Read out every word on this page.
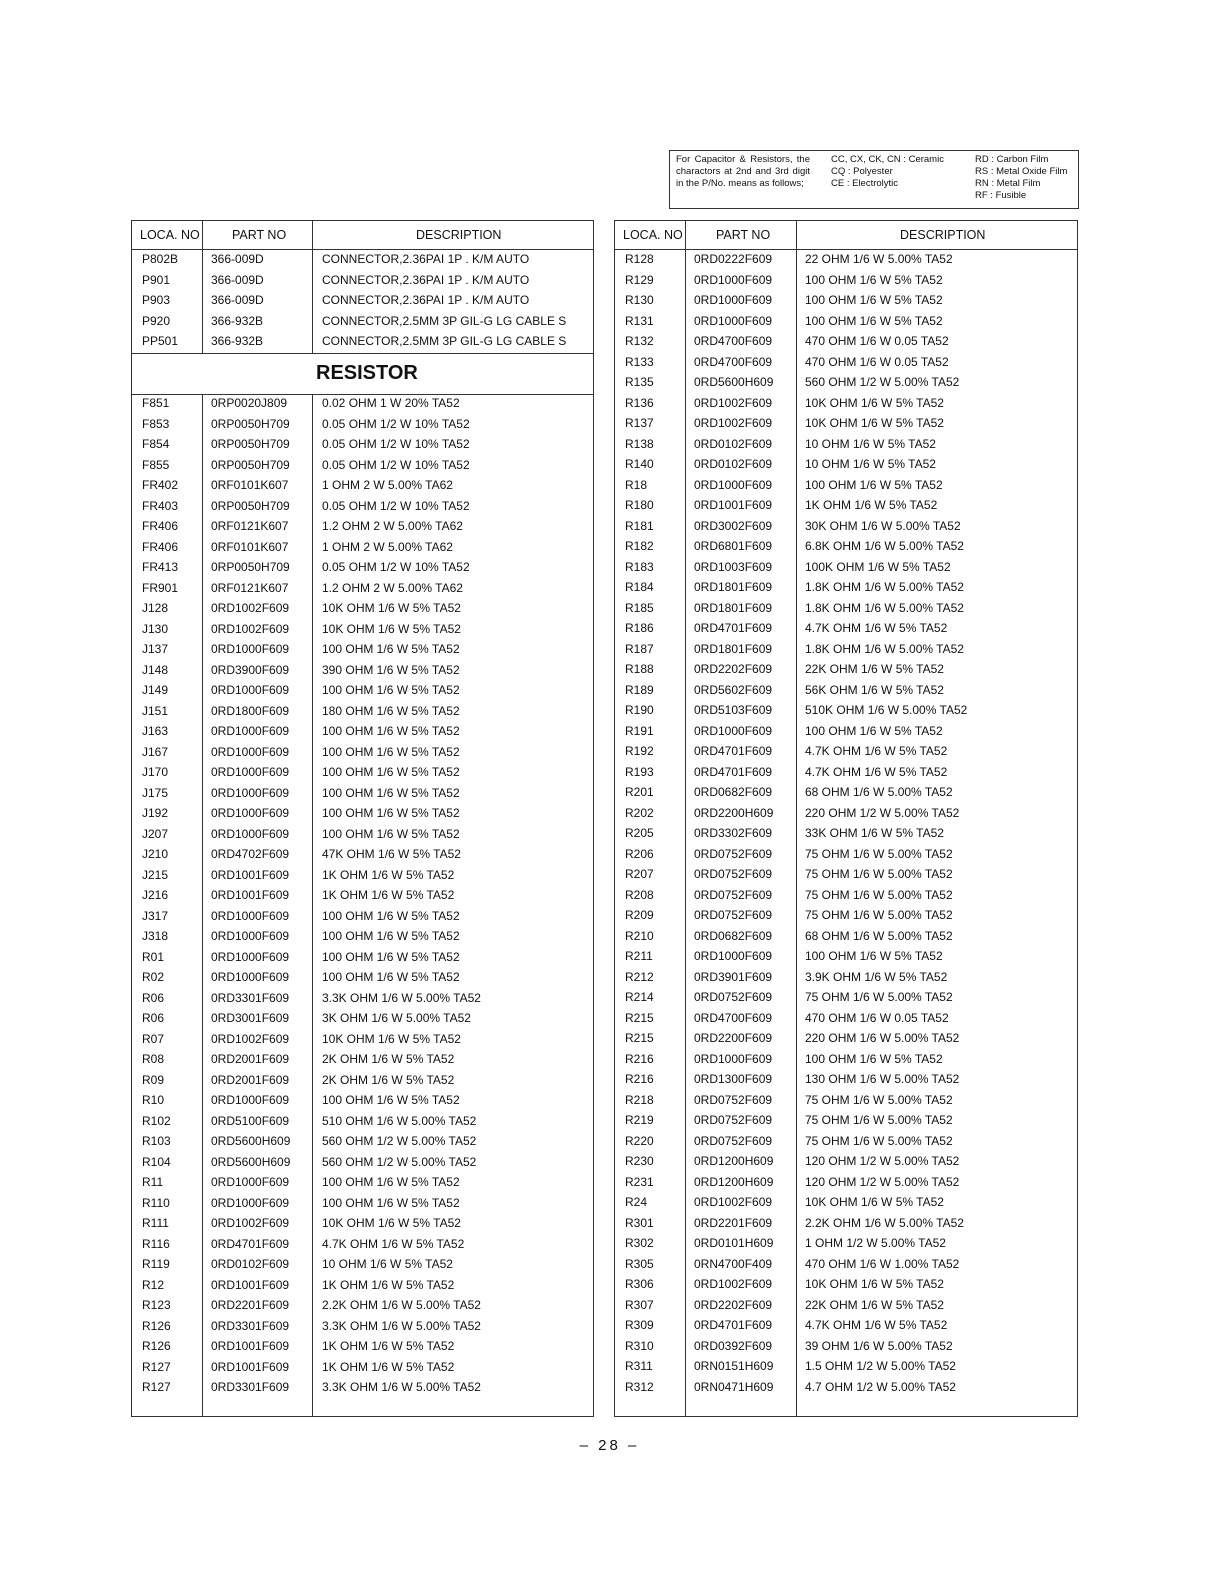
For Capacitor & Resistors, the charactors at 2nd and 3rd digit in the P/No. means as follows;
CC, CX, CK, CN : Ceramic
CQ : Polyester
CE : Electrolytic
RD : Carbon Film
RS : Metal Oxide Film
RN : Metal Film
RF : Fusible
LOCA. NO	PART NO	DESCRIPTION
P802B	366-009D	CONNECTOR,2.36PAI 1P . K/M AUTO
P901	366-009D	CONNECTOR,2.36PAI 1P . K/M AUTO
P903	366-009D	CONNECTOR,2.36PAI 1P . K/M AUTO
P920	366-932B	CONNECTOR,2.5MM 3P GIL-G LG CABLE S
PP501	366-932B	CONNECTOR,2.5MM 3P GIL-G LG CABLE S
RESISTOR
F851	0RP0020J809	0.02 OHM 1 W 20% TA52
F853	0RP0050H709	0.05 OHM 1/2 W 10% TA52
F854	0RP0050H709	0.05 OHM 1/2 W 10% TA52
F855	0RP0050H709	0.05 OHM 1/2 W 10% TA52
FR402	0RF0101K607	1 OHM 2 W 5.00% TA62
FR403	0RP0050H709	0.05 OHM 1/2 W 10% TA52
FR406	0RF0121K607	1.2 OHM 2 W 5.00% TA62
FR406	0RF0101K607	1 OHM 2 W 5.00% TA62
FR413	0RP0050H709	0.05 OHM 1/2 W 10% TA52
FR901	0RF0121K607	1.2 OHM 2 W 5.00% TA62
J128	0RD1002F609	10K OHM 1/6 W 5% TA52
J130	0RD1002F609	10K OHM 1/6 W 5% TA52
J137	0RD1000F609	100 OHM 1/6 W 5% TA52
J148	0RD3900F609	390 OHM 1/6 W 5% TA52
J149	0RD1000F609	100 OHM 1/6 W 5% TA52
J151	0RD1800F609	180 OHM 1/6 W 5% TA52
J163	0RD1000F609	100 OHM 1/6 W 5% TA52
J167	0RD1000F609	100 OHM 1/6 W 5% TA52
J170	0RD1000F609	100 OHM 1/6 W 5% TA52
J175	0RD1000F609	100 OHM 1/6 W 5% TA52
J192	0RD1000F609	100 OHM 1/6 W 5% TA52
J207	0RD1000F609	100 OHM 1/6 W 5% TA52
J210	0RD4702F609	47K OHM 1/6 W 5% TA52
J215	0RD1001F609	1K OHM 1/6 W 5% TA52
J216	0RD1001F609	1K OHM 1/6 W 5% TA52
J317	0RD1000F609	100 OHM 1/6 W 5% TA52
J318	0RD1000F609	100 OHM 1/6 W 5% TA52
R01	0RD1000F609	100 OHM 1/6 W 5% TA52
R02	0RD1000F609	100 OHM 1/6 W 5% TA52
R06	0RD3301F609	3.3K OHM 1/6 W 5.00% TA52
R06	0RD3001F609	3K OHM 1/6 W 5.00% TA52
R07	0RD1002F609	10K OHM 1/6 W 5% TA52
R08	0RD2001F609	2K OHM 1/6 W 5% TA52
R09	0RD2001F609	2K OHM 1/6 W 5% TA52
R10	0RD1000F609	100 OHM 1/6 W 5% TA52
R102	0RD5100F609	510 OHM 1/6 W 5.00% TA52
R103	0RD5600H609	560 OHM 1/2 W 5.00% TA52
R104	0RD5600H609	560 OHM 1/2 W 5.00% TA52
R11	0RD1000F609	100 OHM 1/6 W 5% TA52
R110	0RD1000F609	100 OHM 1/6 W 5% TA52
R111	0RD1002F609	10K OHM 1/6 W 5% TA52
R116	0RD4701F609	4.7K OHM 1/6 W 5% TA52
R119	0RD0102F609	10 OHM 1/6 W 5% TA52
R12	0RD1001F609	1K OHM 1/6 W 5% TA52
R123	0RD2201F609	2.2K OHM 1/6 W 5.00% TA52
R126	0RD3301F609	3.3K OHM 1/6 W 5.00% TA52
R126	0RD1001F609	1K OHM 1/6 W 5% TA52
R127	0RD1001F609	1K OHM 1/6 W 5% TA52
R127	0RD3301F609	3.3K OHM 1/6 W 5.00% TA52
LOCA. NO	PART NO	DESCRIPTION
R128	0RD0222F609	22 OHM 1/6 W 5.00% TA52
R129	0RD1000F609	100 OHM 1/6 W 5% TA52
R130	0RD1000F609	100 OHM 1/6 W 5% TA52
R131	0RD1000F609	100 OHM 1/6 W 5% TA52
R132	0RD4700F609	470 OHM 1/6 W 0.05 TA52
R133	0RD4700F609	470 OHM 1/6 W 0.05 TA52
R135	0RD5600H609	560 OHM 1/2 W 5.00% TA52
R136	0RD1002F609	10K OHM 1/6 W 5% TA52
R137	0RD1002F609	10K OHM 1/6 W 5% TA52
R138	0RD0102F609	10 OHM 1/6 W 5% TA52
R140	0RD0102F609	10 OHM 1/6 W 5% TA52
R18	0RD1000F609	100 OHM 1/6 W 5% TA52
R180	0RD1001F609	1K OHM 1/6 W 5% TA52
R181	0RD3002F609	30K OHM 1/6 W 5.00% TA52
R182	0RD6801F609	6.8K OHM 1/6 W 5.00% TA52
R183	0RD1003F609	100K OHM 1/6 W 5% TA52
R184	0RD1801F609	1.8K OHM 1/6 W 5.00% TA52
R185	0RD1801F609	1.8K OHM 1/6 W 5.00% TA52
R186	0RD4701F609	4.7K OHM 1/6 W 5% TA52
R187	0RD1801F609	1.8K OHM 1/6 W 5.00% TA52
R188	0RD2202F609	22K OHM 1/6 W 5% TA52
R189	0RD5602F609	56K OHM 1/6 W 5% TA52
R190	0RD5103F609	510K OHM 1/6 W 5.00% TA52
R191	0RD1000F609	100 OHM 1/6 W 5% TA52
R192	0RD4701F609	4.7K OHM 1/6 W 5% TA52
R193	0RD4701F609	4.7K OHM 1/6 W 5% TA52
R201	0RD0682F609	68 OHM 1/6 W 5.00% TA52
R202	0RD2200H609	220 OHM 1/2 W 5.00% TA52
R205	0RD3302F609	33K OHM 1/6 W 5% TA52
R206	0RD0752F609	75 OHM 1/6 W 5.00% TA52
R207	0RD0752F609	75 OHM 1/6 W 5.00% TA52
R208	0RD0752F609	75 OHM 1/6 W 5.00% TA52
R209	0RD0752F609	75 OHM 1/6 W 5.00% TA52
R210	0RD0682F609	68 OHM 1/6 W 5.00% TA52
R211	0RD1000F609	100 OHM 1/6 W 5% TA52
R212	0RD3901F609	3.9K OHM 1/6 W 5% TA52
R214	0RD0752F609	75 OHM 1/6 W 5.00% TA52
R215	0RD4700F609	470 OHM 1/6 W 0.05 TA52
R215	0RD2200F609	220 OHM 1/6 W 5.00% TA52
R216	0RD1000F609	100 OHM 1/6 W 5% TA52
R216	0RD1300F609	130 OHM 1/6 W 5.00% TA52
R218	0RD0752F609	75 OHM 1/6 W 5.00% TA52
R219	0RD0752F609	75 OHM 1/6 W 5.00% TA52
R220	0RD0752F609	75 OHM 1/6 W 5.00% TA52
R230	0RD1200H609	120 OHM 1/2 W 5.00% TA52
R231	0RD1200H609	120 OHM 1/2 W 5.00% TA52
R24	0RD1002F609	10K OHM 1/6 W 5% TA52
R301	0RD2201F609	2.2K OHM 1/6 W 5.00% TA52
R302	0RD0101H609	1 OHM 1/2 W 5.00% TA52
R305	0RN4700F409	470 OHM 1/6 W 1.00% TA52
R306	0RD1002F609	10K OHM 1/6 W 5% TA52
R307	0RD2202F609	22K OHM 1/6 W 5% TA52
R309	0RD4701F609	4.7K OHM 1/6 W 5% TA52
R310	0RD0392F609	39 OHM 1/6 W 5.00% TA52
R311	0RN0151H609	1.5 OHM 1/2 W 5.00% TA52
R312	0RN0471H609	4.7 OHM 1/2 W 5.00% TA52
– 28 –
